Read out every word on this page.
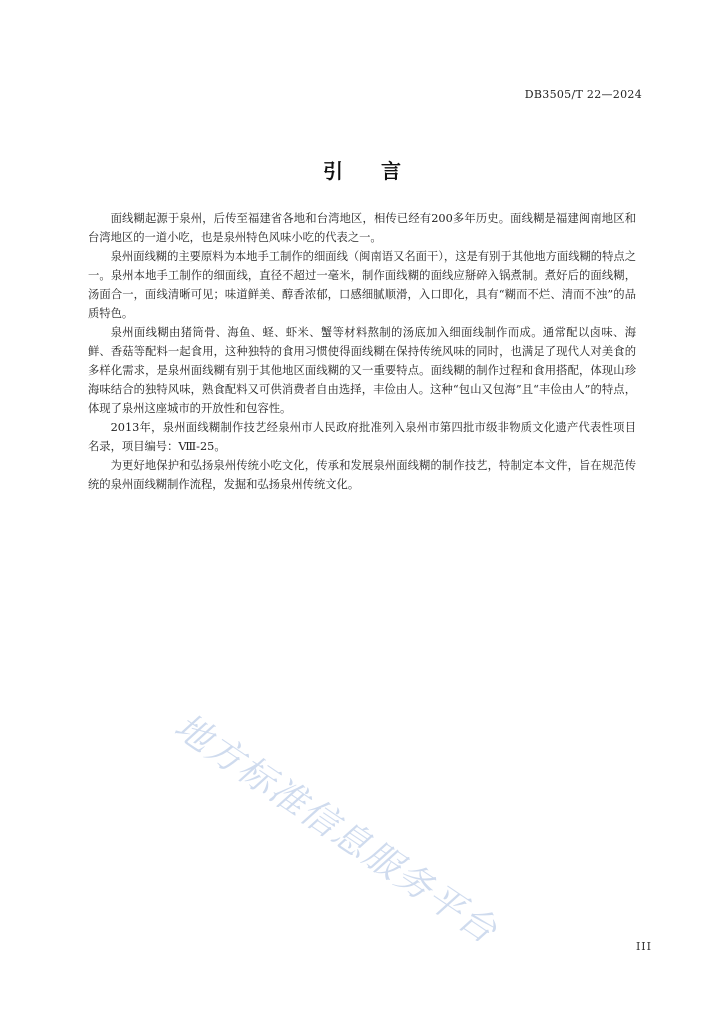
DB3505/T 22—2024
引言

面线糊起源于泉州，后传至福建省各地和台湾地区，相传已经有200多年历史。面线糊是福建闽南地区和台湾地区的一道小吃，也是泉州特色风味小吃的代表之一。

泉州面线糊的主要原料为本地手工制作的细面线（闽南语又名面干），这是有别于其他地方面线糊的特点之一。泉州本地手工制作的细面线，直径不超过一毫米，制作面线糊的面线应掰碎入锅煮制。煮好后的面线糊，汤面合一，面线清晰可见；味道鲜美、醇香浓郁，口感细腻顺滑，入口即化，具有“糊而不烂、清而不浊”的品质特色。

泉州面线糊由猪筒骨、海鱼、蛏、虾米、蟹等材料熬制的汤底加入细面线制作而成。通常配以卤味、海鲜、香菇等配料一起食用，这种独特的食用习惯使得面线糊在保持传统风味的同时，也满足了现代人对美食的多样化需求，是泉州面线糊有别于其他地区面线糊的又一重要特点。面线糊的制作过程和食用搭配，体现山珍海味结合的独特风味，熟食配料又可供消费者自由选择，丰俭由人。这种“包山又包海”且“丰俭由人”的特点，体现了泉州这座城市的开放性和包容性。

2013年，泉州面线糊制作技艺经泉州市人民政府批准列入泉州市第四批市级非物质文化遗产代表性项目名录，项目编号：Ⅷ-25。

为更好地保护和弘扬泉州传统小吃文化，传承和发展泉州面线糊的制作技艺，特制定本文件，旨在规范传统的泉州面线糊制作流程，发掘和弘扬泉州传统文化。

地方标准信息服务平台	III
